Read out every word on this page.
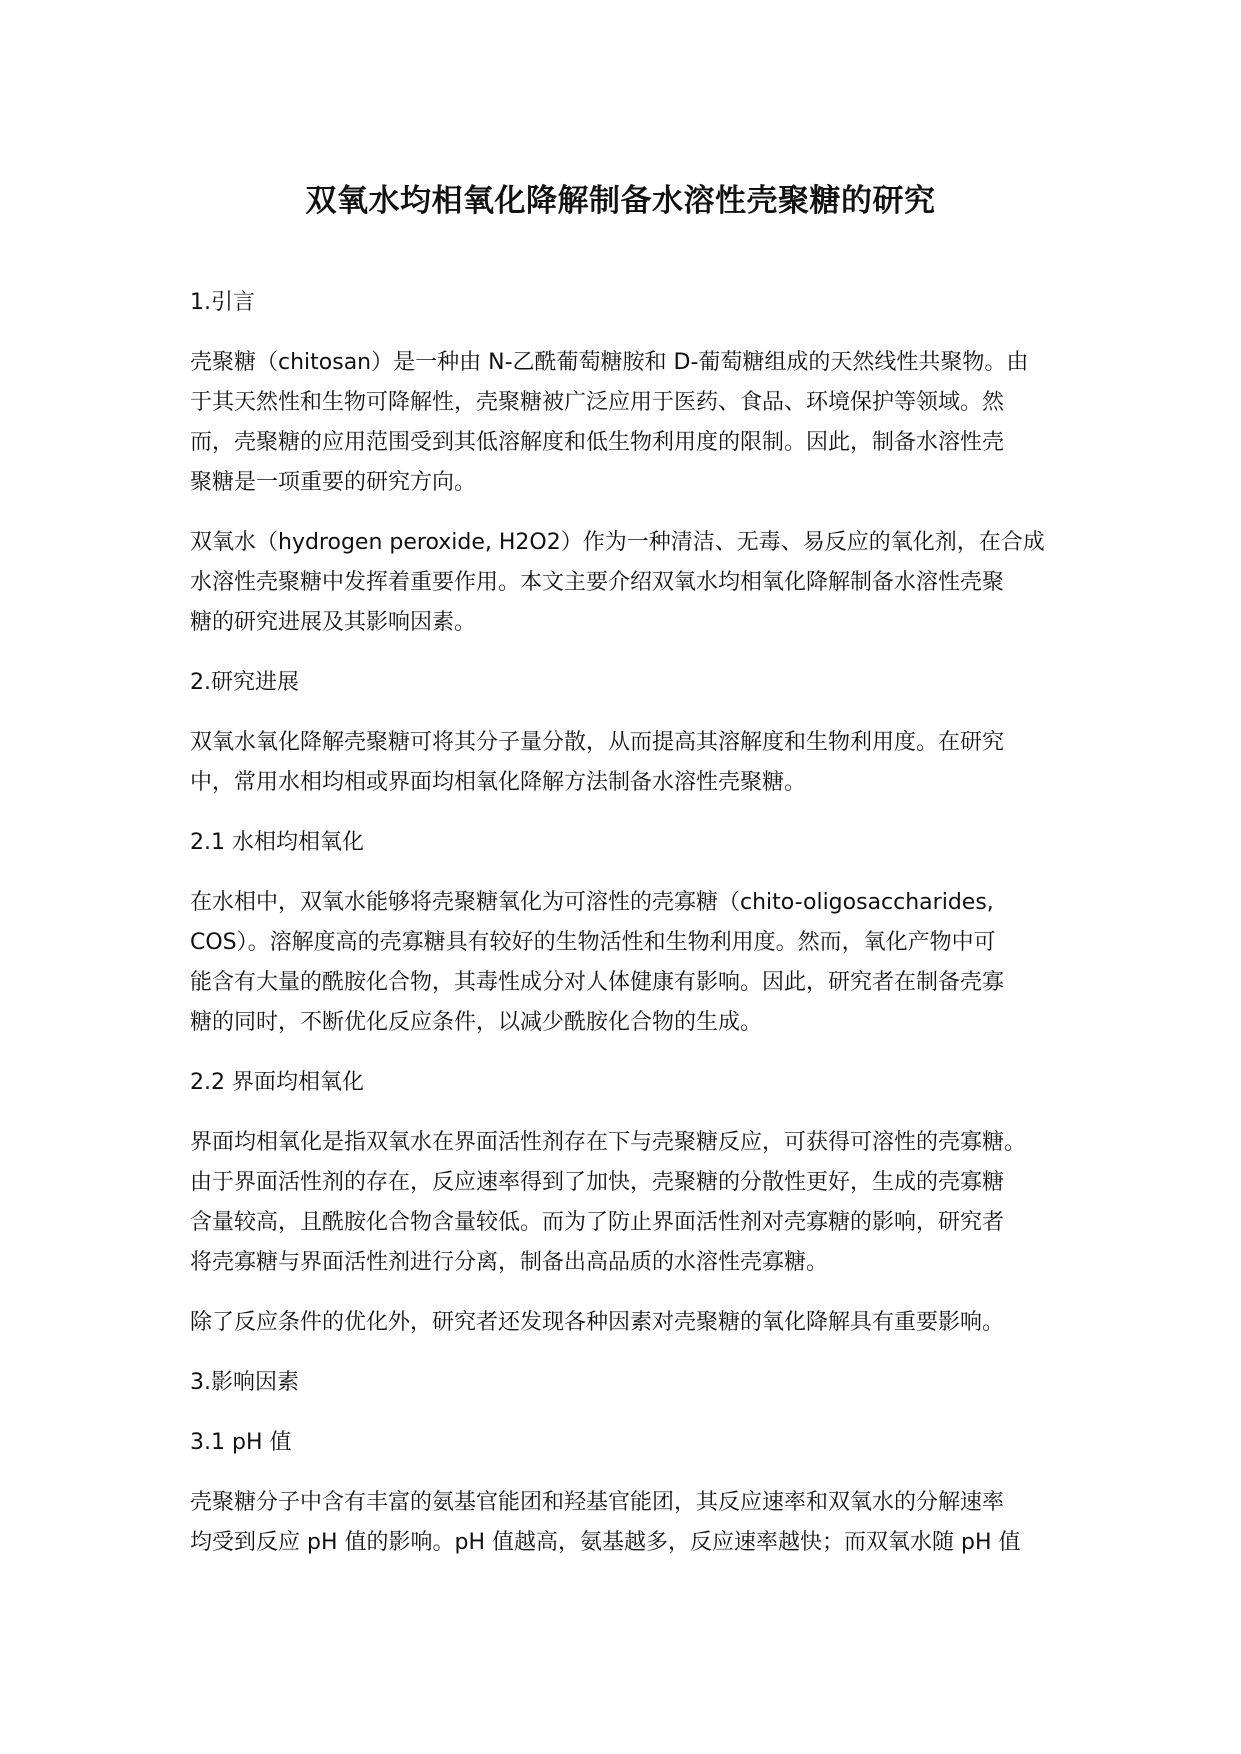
双氧水均相氧化降解制备水溶性壳聚糖的研究

1.引言

壳聚糖（chitosan）是一种由 N-乙酰葡萄糖胺和 D-葡萄糖组成的天然线性共聚物。由
于其天然性和生物可降解性，壳聚糖被广泛应用于医药、食品、环境保护等领域。然
而，壳聚糖的应用范围受到其低溶解度和低生物利用度的限制。因此，制备水溶性壳
聚糖是一项重要的研究方向。

双氧水（hydrogen peroxide, H2O2）作为一种清洁、无毒、易反应的氧化剂，在合成
水溶性壳聚糖中发挥着重要作用。本文主要介绍双氧水均相氧化降解制备水溶性壳聚
糖的研究进展及其影响因素。

2.研究进展

双氧水氧化降解壳聚糖可将其分子量分散，从而提高其溶解度和生物利用度。在研究
中，常用水相均相或界面均相氧化降解方法制备水溶性壳聚糖。

2.1 水相均相氧化

在水相中，双氧水能够将壳聚糖氧化为可溶性的壳寡糖（chito-oligosaccharides,
COS）。溶解度高的壳寡糖具有较好的生物活性和生物利用度。然而，氧化产物中可
能含有大量的酰胺化合物，其毒性成分对人体健康有影响。因此，研究者在制备壳寡
糖的同时，不断优化反应条件，以减少酰胺化合物的生成。

2.2 界面均相氧化

界面均相氧化是指双氧水在界面活性剂存在下与壳聚糖反应，可获得可溶性的壳寡糖。
由于界面活性剂的存在，反应速率得到了加快，壳聚糖的分散性更好，生成的壳寡糖
含量较高，且酰胺化合物含量较低。而为了防止界面活性剂对壳寡糖的影响，研究者
将壳寡糖与界面活性剂进行分离，制备出高品质的水溶性壳寡糖。

除了反应条件的优化外，研究者还发现各种因素对壳聚糖的氧化降解具有重要影响。

3.影响因素

3.1 pH 值

壳聚糖分子中含有丰富的氨基官能团和羟基官能团，其反应速率和双氧水的分解速率
均受到反应 pH 值的影响。pH 值越高，氨基越多，反应速率越快；而双氧水随 pH 值
